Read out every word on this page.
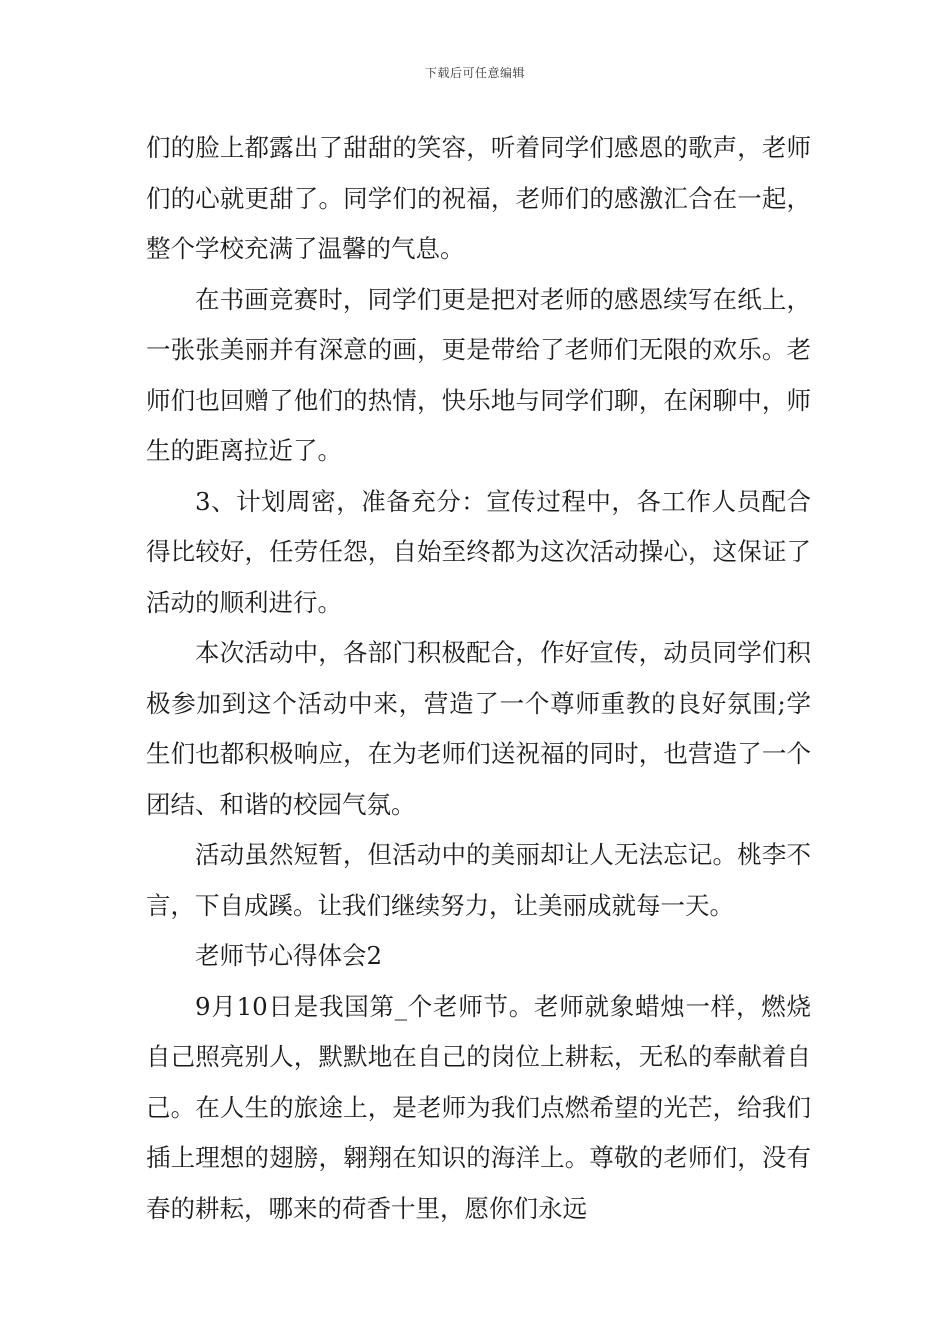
下载后可任意编辑

们的脸上都露出了甜甜的笑容，听着同学们感恩的歌声，老师们的心就更甜了。同学们的祝福，老师们的感激汇合在一起，整个学校充满了温馨的气息。

在书画竞赛时，同学们更是把对老师的感恩续写在纸上，一张张美丽并有深意的画，更是带给了老师们无限的欢乐。老师们也回赠了他们的热情，快乐地与同学们聊，在闲聊中，师生的距离拉近了。

3、计划周密，准备充分：宣传过程中，各工作人员配合得比较好，任劳任怨，自始至终都为这次活动操心，这保证了活动的顺利进行。

本次活动中，各部门积极配合，作好宣传，动员同学们积极参加到这个活动中来，营造了一个尊师重教的良好氛围;学生们也都积极响应，在为老师们送祝福的同时，也营造了一个团结、和谐的校园气氛。

活动虽然短暂，但活动中的美丽却让人无法忘记。桃李不言，下自成蹊。让我们继续努力，让美丽成就每一天。

老师节心得体会2

9月10日是我国第_个老师节。老师就象蜡烛一样，燃烧自己照亮别人，默默地在自己的岗位上耕耘，无私的奉献着自己。在人生的旅途上，是老师为我们点燃希望的光芒，给我们插上理想的翅膀，翱翔在知识的海洋上。尊敬的老师们，没有春的耕耘，哪来的荷香十里，愿你们永远
